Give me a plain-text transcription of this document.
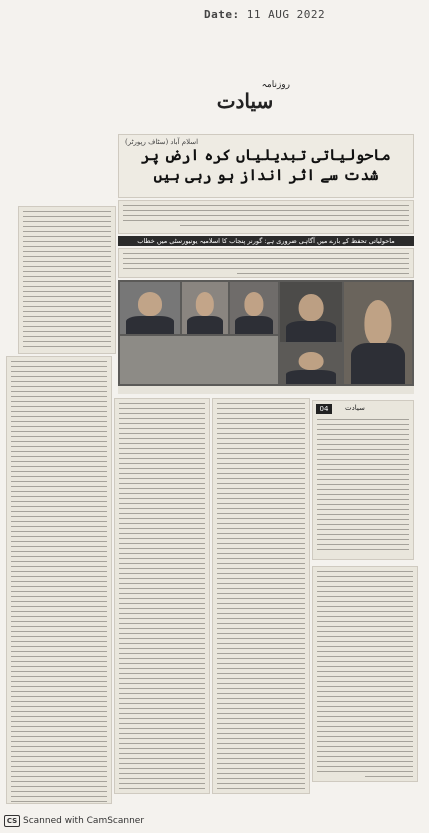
Date: 11 AUG 2022
روزنامہ
سیادت
اسلام آباد (سٹاف رپورٹر)
ماحولیاتی تبدیلیاں کرہ ارض پر شدت سے اثر انداز ہو رہی ہیں
ماحولیاتی تحفظ کے بارے میں آگاہی ضروری ہے: گورنر پنجاب کا اسلامیہ یونیورسٹی میں خطاب
04	سیادت
CS Scanned with CamScanner
